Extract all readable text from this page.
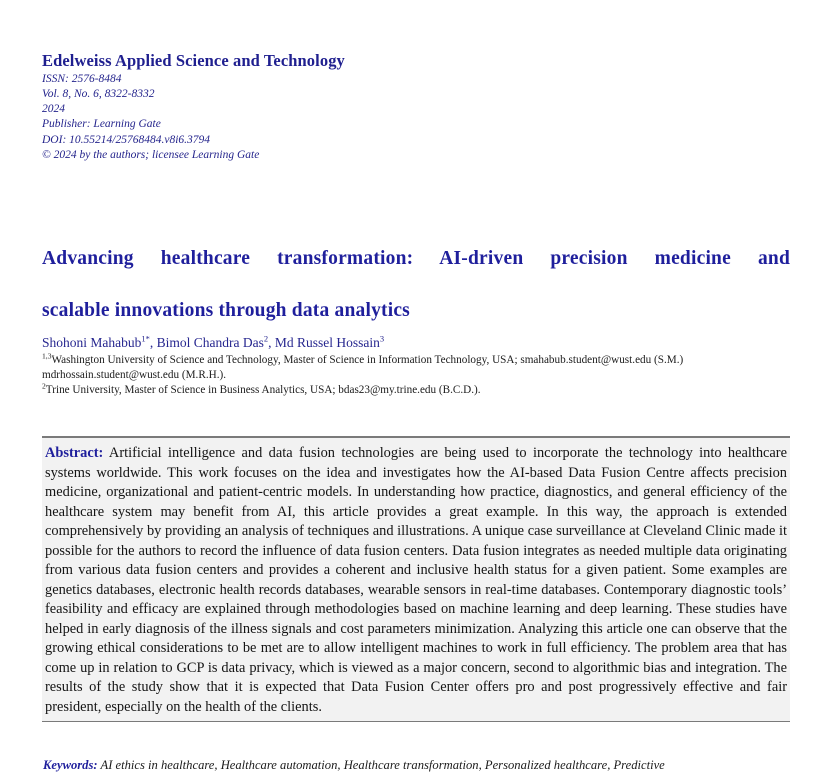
Edelweiss Applied Science and Technology
ISSN: 2576-8484
Vol. 8, No. 6, 8322-8332
2024
Publisher: Learning Gate
DOI: 10.55214/25768484.v8i6.3794
© 2024 by the authors; licensee Learning Gate
Advancing healthcare transformation: AI-driven precision medicine and
scalable innovations through data analytics

Shohoni Mahabub$^{1*}$, Bimol Chandra Das$^2$, Md Russel Hossain$^3$

$^{1,3}$Washington University of Science and Technology, Master of Science in Information Technology, USA; smahabub.student@wust.edu (S.M.) mdrhossain.student@wust.edu (M.R.H.).

$^2$Trine University, Master of Science in Business Analytics, USA; bdas23@my.trine.edu (B.C.D.).

Abstract: Artificial intelligence and data fusion technologies are being used to incorporate the technology into healthcare systems worldwide. This work focuses on the idea and investigates how the AI-based Data Fusion Centre affects precision medicine, organizational and patient-centric models. In understanding how practice, diagnostics, and general efficiency of the healthcare system may benefit from AI, this article provides a great example. In this way, the approach is extended comprehensively by providing an analysis of techniques and illustrations. A unique case surveillance at Cleveland Clinic made it possible for the authors to record the influence of data fusion centers. Data fusion integrates as needed multiple data originating from various data fusion centers and provides a coherent and inclusive health status for a given patient. Some examples are genetics databases, electronic health records databases, wearable sensors in real-time databases. Contemporary diagnostic tools’ feasibility and efficacy are explained through methodologies based on machine learning and deep learning. These studies have helped in early diagnosis of the illness signals and cost parameters minimization. Analyzing this article one can observe that the growing ethical considerations to be met are to allow intelligent machines to work in full efficiency. The problem area that has come up in relation to GCP is data privacy, which is viewed as a major concern, second to algorithmic bias and integration. The results of the study show that it is expected that Data Fusion Center offers pro and post progressively effective and fair president, especially on the health of the clients.

Keywords: AI ethics in healthcare, Healthcare automation, Healthcare transformation, Personalized healthcare, Predictive
